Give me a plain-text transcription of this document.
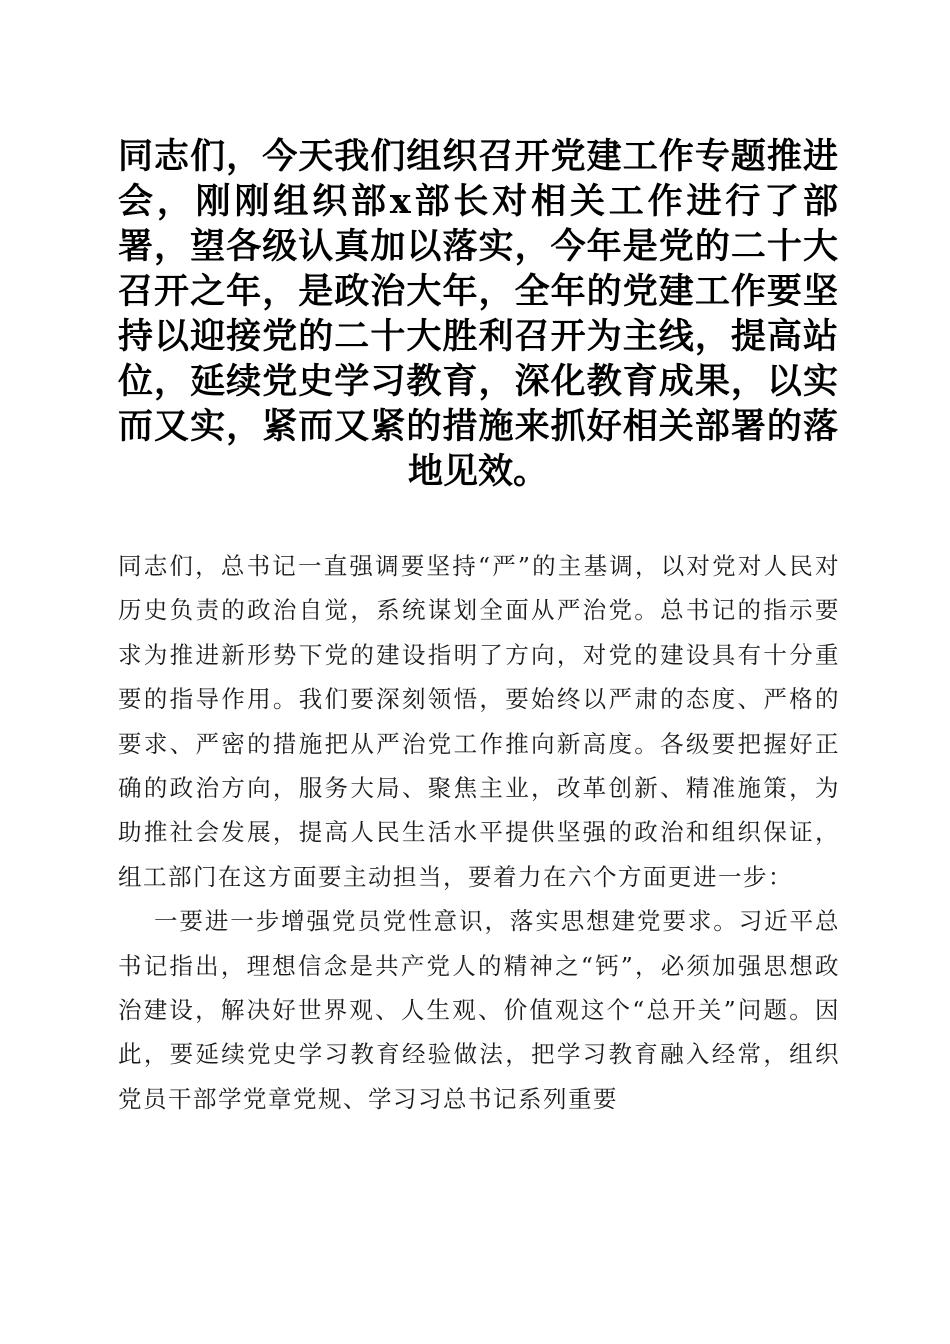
同志们，今天我们组织召开党建工作专题推进会，刚刚组织部x部长对相关工作进行了部署，望各级认真加以落实，今年是党的二十大召开之年，是政治大年，全年的党建工作要坚持以迎接党的二十大胜利召开为主线，提高站位，延续党史学习教育，深化教育成果，以实而又实，紧而又紧的措施来抓好相关部署的落地见效。

同志们，总书记一直强调要坚持“严”的主基调，以对党对人民对历史负责的政治自觉，系统谋划全面从严治党。总书记的指示要求为推进新形势下党的建设指明了方向，对党的建设具有十分重要的指导作用。我们要深刻领悟，要始终以严肃的态度、严格的要求、严密的措施把从严治党工作推向新高度。各级要把握好正确的政治方向，服务大局、聚焦主业，改革创新、精准施策，为助推社会发展，提高人民生活水平提供坚强的政治和组织保证，组工部门在这方面要主动担当，要着力在六个方面更进一步：

一要进一步增强党员党性意识，落实思想建党要求。习近平总书记指出，理想信念是共产党人的精神之“钙”，必须加强思想政治建设，解决好世界观、人生观、价值观这个“总开关”问题。因此，要延续党史学习教育经验做法，把学习教育融入经常，组织党员干部学党章党规、学习习总书记系列重要
